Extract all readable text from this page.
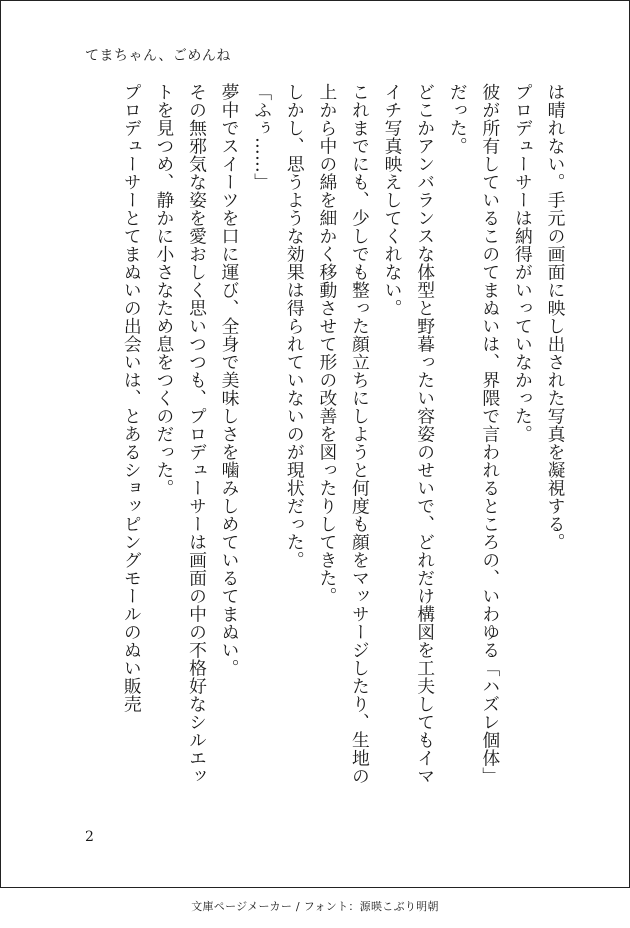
てまちゃん、ごめんね

は晴れない。手元の画面に映し出された写真を凝視する。

プロデューサーは納得がいっていなかった。

彼が所有しているこのてまぬいは、界隈で言われるところの、いわゆる「ハズレ個体」だった。

どこかアンバランスな体型と野暮ったい容姿のせいで、どれだけ構図を工夫してもイマイチ写真映えしてくれない。

これまでにも、少しでも整った顔立ちにしようと何度も顔をマッサージしたり、生地の上から中の綿を細かく移動させて形の改善を図ったりしてきた。

しかし、思うような効果は得られていないのが現状だった。

「ふぅ……」

夢中でスイーツを口に運び、全身で美味しさを噛みしめているてまぬい。

その無邪気な姿を愛おしく思いつつも、プロデューサーは画面の中の不格好なシルエットを見つめ、静かに小さなため息をつくのだった。

プロデューサーとてまぬいの出会いは、とあるショッピングモールのぬい販売

2
文庫ページメーカー / フォント：源暎こぶり明朝
